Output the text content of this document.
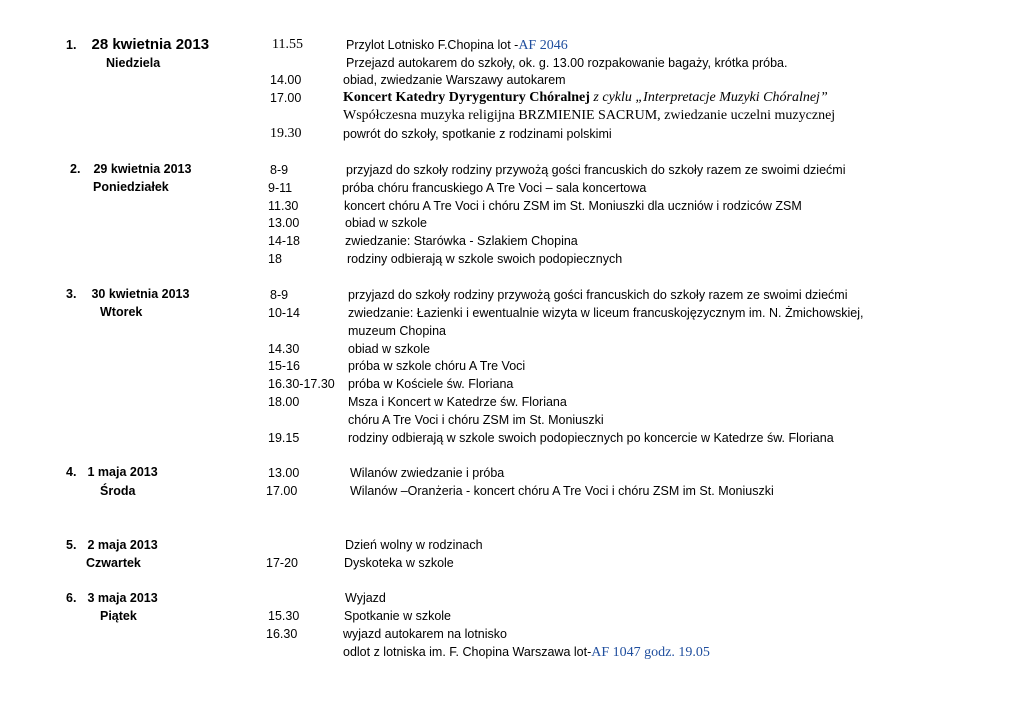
1. 28 kwietnia 2013
Niedziela
11.55	Przylot Lotnisko F.Chopina lot -AF 2046
Przejazd autokarem do szkoły, ok. g. 13.00 rozpakowanie bagaży, krótka próba.
14.00	obiad, zwiedzanie Warszawy autokarem
17.00	Koncert Katedry Dyrygentury Chóralnej z cyklu „Interpretacje Muzyki Chóralnej”
Współczesna muzyka religijna BRZMIENIE SACRUM, zwiedzanie uczelni muzycznej
19.30	powrót do szkoły, spotkanie z rodzinami polskimi
2. 29 kwietnia 2013
Poniedziałek
8-9	przyjazd do szkoły rodziny przywożą gości francuskich do szkoły razem ze swoimi dziećmi
9-11	próba chóru francuskiego A Tre Voci – sala koncertowa
11.30	koncert chóru A Tre Voci i chóru ZSM im St. Moniuszki dla uczniów i rodziców ZSM
13.00	obiad w szkole
14-18	zwiedzanie: Starówka - Szlakiem Chopina
18	rodziny odbierają w szkole swoich podopiecznych
3. 30 kwietnia 2013
Wtorek
8-9	przyjazd do szkoły rodziny przywożą gości francuskich do szkoły razem ze swoimi dziećmi
10-14	zwiedzanie: Łazienki i ewentualnie wizyta w liceum francuskojęzycznym im. N. Żmichowskiej,
muzeum Chopina
14.30	obiad w szkole
15-16	próba w szkole chóru A Tre Voci
16.30-17.30 próba w Kościele św. Floriana
18.00	Msza i Koncert w Katedrze św. Floriana
chóru A Tre Voci i chóru ZSM im St. Moniuszki
19.15	rodziny odbierają w szkole swoich podopiecznych po koncercie w Katedrze św. Floriana
4. 1 maja 2013
Środa
13.00	Wilanów zwiedzanie i próba
17.00	Wilanów –Oranżeria - koncert chóru A Tre Voci i chóru ZSM im St. Moniuszki
5. 2 maja 2013
Czwartek
Dzień wolny w rodzinach
17-20	Dyskoteka w szkole
6. 3 maja 2013
Piątek
Wyjazd
15.30	Spotkanie w szkole
16.30	wyjazd autokarem na lotnisko
odlot z lotniska im. F. Chopina Warszawa lot-AF 1047 godz. 19.05
